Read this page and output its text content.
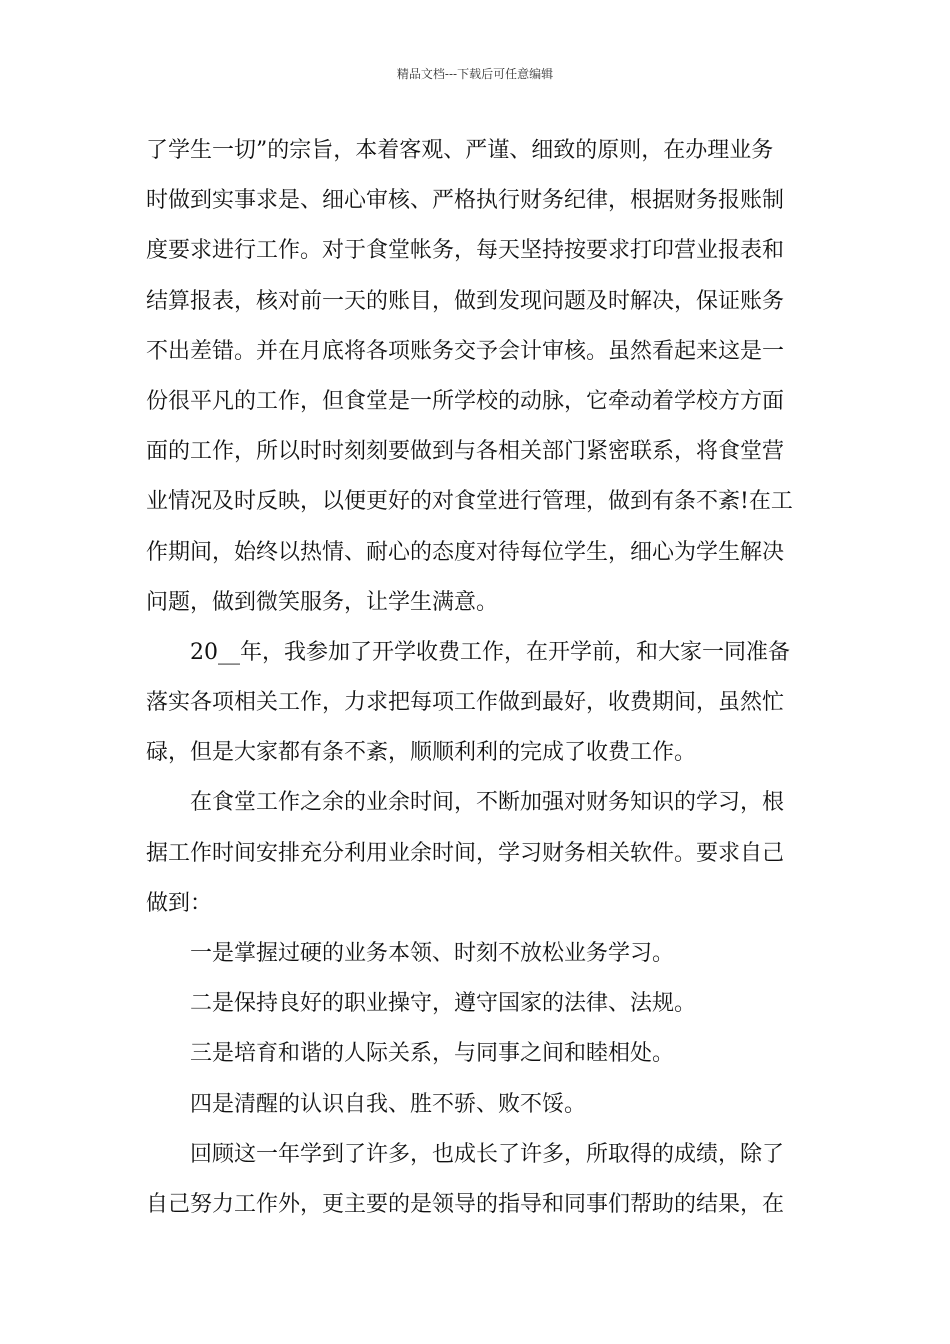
精品文档---下载后可任意编辑
了学生一切”的宗旨，本着客观、严谨、细致的原则，在办理业务
时做到实事求是、细心审核、严格执行财务纪律，根据财务报账制
度要求进行工作。对于食堂帐务，每天坚持按要求打印营业报表和
结算报表，核对前一天的账目，做到发现问题及时解决，保证账务
不出差错。并在月底将各项账务交予会计审核。虽然看起来这是一
份很平凡的工作，但食堂是一所学校的动脉，它牵动着学校方方面
面的工作，所以时时刻刻要做到与各相关部门紧密联系，将食堂营
业情况及时反映，以便更好的对食堂进行管理，做到有条不紊!在工
作期间，始终以热情、耐心的态度对待每位学生，细心为学生解决
问题，做到微笑服务，让学生满意。
20__年，我参加了开学收费工作，在开学前，和大家一同准备
落实各项相关工作，力求把每项工作做到最好，收费期间，虽然忙
碌，但是大家都有条不紊，顺顺利利的完成了收费工作。
在食堂工作之余的业余时间，不断加强对财务知识的学习，根
据工作时间安排充分利用业余时间，学习财务相关软件。要求自己
做到：
一是掌握过硬的业务本领、时刻不放松业务学习。
二是保持良好的职业操守，遵守国家的法律、法规。
三是培育和谐的人际关系，与同事之间和睦相处。
四是清醒的认识自我、胜不骄、败不馁。
回顾这一年学到了许多，也成长了许多，所取得的成绩，除了
自己努力工作外，更主要的是领导的指导和同事们帮助的结果，在
